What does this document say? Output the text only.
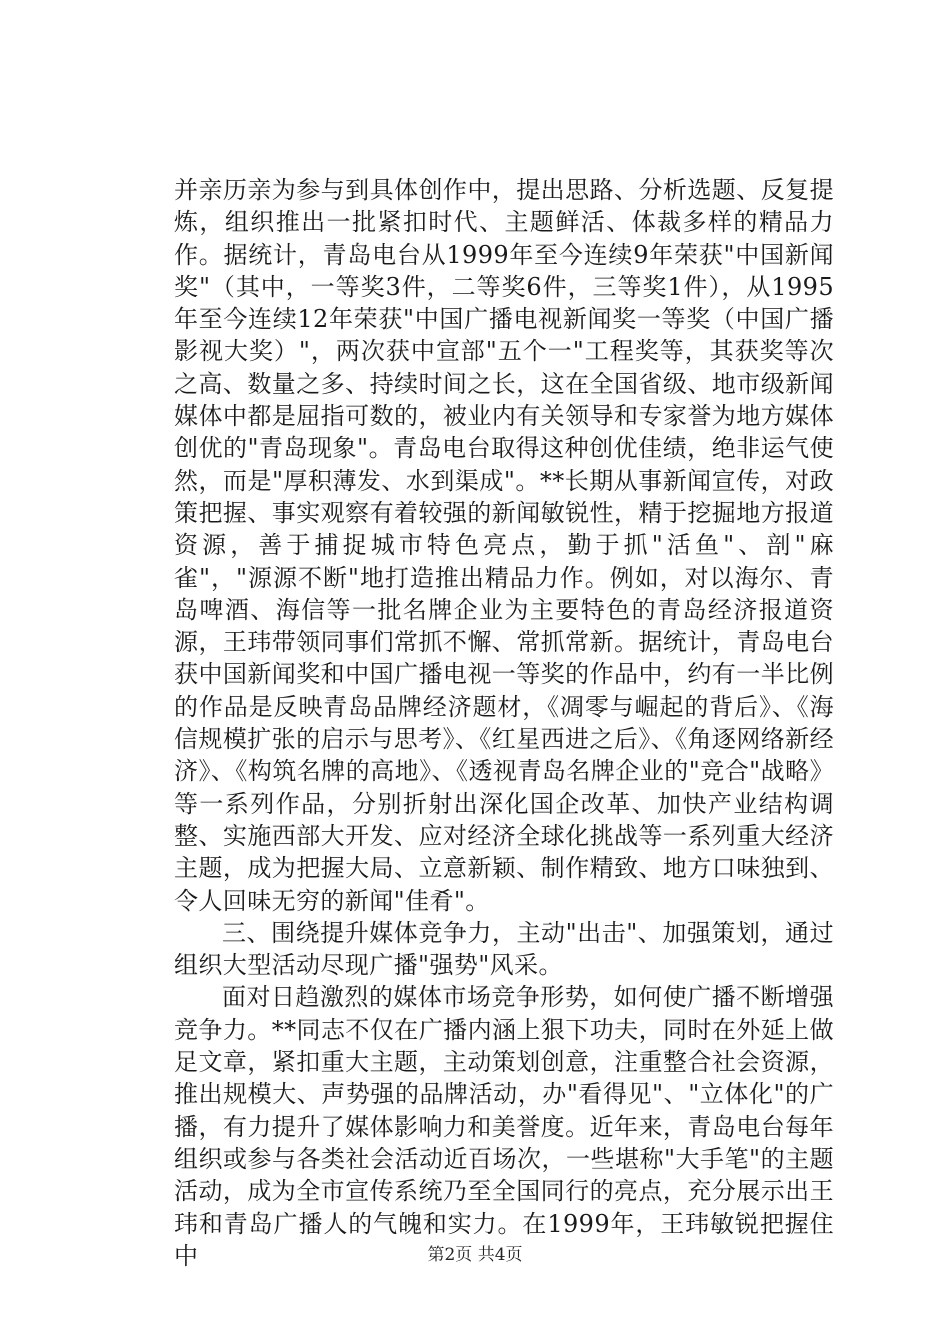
并亲历亲为参与到具体创作中，提出思路、分析选题、反复提炼，组织推出一批紧扣时代、主题鲜活、体裁多样的精品力作。据统计，青岛电台从1999年至今连续9年荣获"中国新闻奖"（其中，一等奖3件，二等奖6件，三等奖1件），从1995年至今连续12年荣获"中国广播电视新闻奖一等奖（中国广播影视大奖）"，两次获中宣部"五个一"工程奖等，其获奖等次之高、数量之多、持续时间之长，这在全国省级、地市级新闻媒体中都是屈指可数的，被业内有关领导和专家誉为地方媒体创优的"青岛现象"。青岛电台取得这种创优佳绩，绝非运气使然，而是"厚积薄发、水到渠成"。**长期从事新闻宣传，对政策把握、事实观察有着较强的新闻敏锐性，精于挖掘地方报道资源，善于捕捉城市特色亮点，勤于抓"活鱼"、剖"麻雀"，"源源不断"地打造推出精品力作。例如，对以海尔、青岛啤酒、海信等一批名牌企业为主要特色的青岛经济报道资源，王玮带领同事们常抓不懈、常抓常新。据统计，青岛电台获中国新闻奖和中国广播电视一等奖的作品中，约有一半比例的作品是反映青岛品牌经济题材，《凋零与崛起的背后》、《海信规模扩张的启示与思考》、《红星西进之后》、《角逐网络新经济》、《构筑名牌的高地》、《透视青岛名牌企业的"竞合"战略》等一系列作品，分别折射出深化国企改革、加快产业结构调整、实施西部大开发、应对经济全球化挑战等一系列重大经济主题，成为把握大局、立意新颖、制作精致、地方口味独到、令人回味无穷的新闻"佳肴"。

三、围绕提升媒体竞争力，主动"出击"、加强策划，通过组织大型活动尽现广播"强势"风采。

面对日趋激烈的媒体市场竞争形势，如何使广播不断增强竞争力。**同志不仅在广播内涵上狠下功夫，同时在外延上做足文章，紧扣重大主题，主动策划创意，注重整合社会资源，推出规模大、声势强的品牌活动，办"看得见"、"立体化"的广播，有力提升了媒体影响力和美誉度。近年来，青岛电台每年组织或参与各类社会活动近百场次，一些堪称"大手笔"的主题活动，成为全市宣传系统乃至全国同行的亮点，充分展示出王玮和青岛广播人的气魄和实力。在1999年，王玮敏锐把握住中	第2页 共4页
